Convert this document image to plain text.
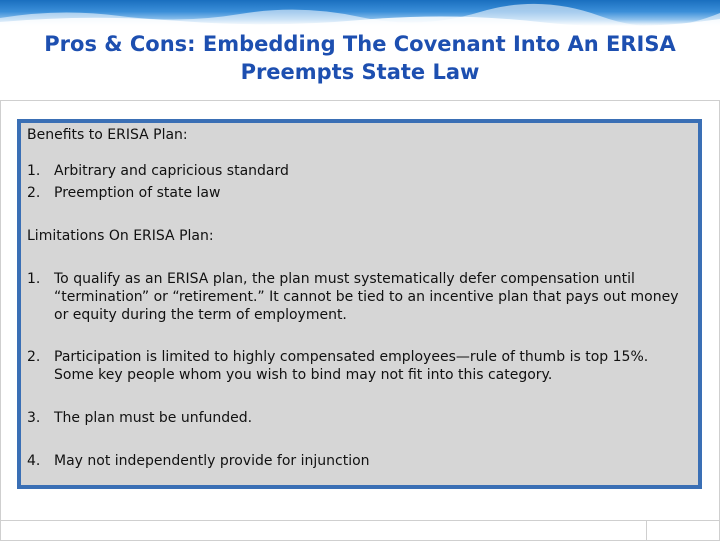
Pros & Cons: Embedding The Covenant Into An ERISA Preempts State Law

Benefits to ERISA Plan:

1. Arbitrary and capricious standard
2. Preemption of state law

Limitations On ERISA Plan:

1. To qualify as an ERISA plan, the plan must systematically defer compensation until “termination” or “retirement.” It cannot be tied to an incentive plan that pays out money or equity during the term of employment.
2. Participation is limited to highly compensated employees—rule of thumb is top 15%. Some key people whom you wish to bind may not fit into this category.
3. The plan must be unfunded.
4. May not independently provide for injunction
